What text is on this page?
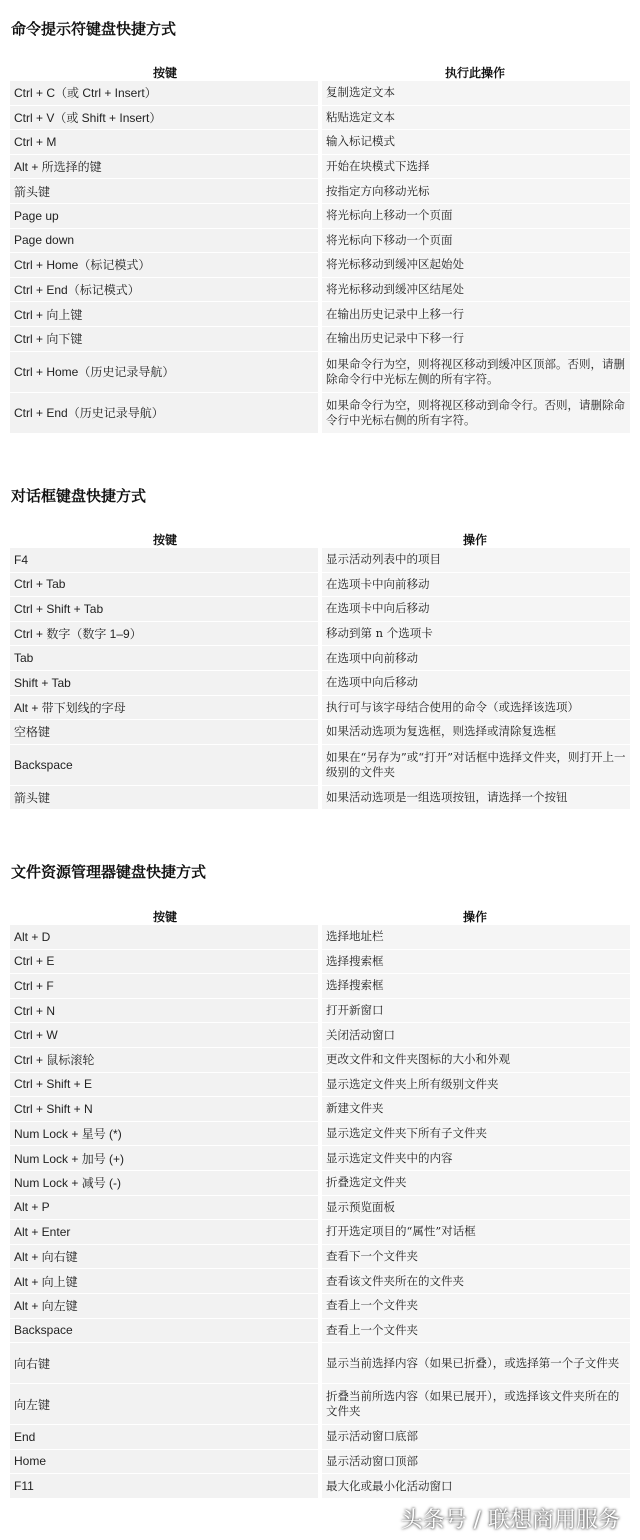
命令提示符键盘快捷方式
按键	执行此操作
Ctrl + C（或 Ctrl + Insert）	复制选定文本
Ctrl + V（或 Shift + Insert）	粘贴选定文本
Ctrl + M	输入标记模式
Alt + 所选择的键	开始在块模式下选择
箭头键	按指定方向移动光标
Page up	将光标向上移动一个页面
Page down	将光标向下移动一个页面
Ctrl + Home（标记模式）	将光标移动到缓冲区起始处
Ctrl + End（标记模式）	将光标移动到缓冲区结尾处
Ctrl + 向上键	在输出历史记录中上移一行
Ctrl + 向下键	在输出历史记录中下移一行
Ctrl + Home（历史记录导航）	如果命令行为空，则将视区移动到缓冲区顶部。否则，请删除命令行中光标左侧的所有字符。
Ctrl + End（历史记录导航）	如果命令行为空，则将视区移动到命令行。否则，请删除命令行中光标右侧的所有字符。
对话框键盘快捷方式
按键	操作
F4	显示活动列表中的项目
Ctrl + Tab	在选项卡中向前移动
Ctrl + Shift + Tab	在选项卡中向后移动
Ctrl + 数字（数字 1–9）	移动到第 n 个选项卡
Tab	在选项中向前移动
Shift + Tab	在选项中向后移动
Alt + 带下划线的字母	执行可与该字母结合使用的命令（或选择该选项）
空格键	如果活动选项为复选框，则选择或清除复选框
Backspace	如果在“另存为”或“打开”对话框中选择文件夹，则打开上一级别的文件夹
箭头键	如果活动选项是一组选项按钮，请选择一个按钮
文件资源管理器键盘快捷方式
按键	操作
Alt + D	选择地址栏
Ctrl + E	选择搜索框
Ctrl + F	选择搜索框
Ctrl + N	打开新窗口
Ctrl + W	关闭活动窗口
Ctrl + 鼠标滚轮	更改文件和文件夹图标的大小和外观
Ctrl + Shift + E	显示选定文件夹上所有级别文件夹
Ctrl + Shift + N	新建文件夹
Num Lock + 星号 (*)	显示选定文件夹下所有子文件夹
Num Lock + 加号 (+)	显示选定文件夹中的内容
Num Lock + 减号 (-)	折叠选定文件夹
Alt + P	显示预览面板
Alt + Enter	打开选定项目的“属性”对话框
Alt + 向右键	查看下一个文件夹
Alt + 向上键	查看该文件夹所在的文件夹
Alt + 向左键	查看上一个文件夹
Backspace	查看上一个文件夹
向右键	显示当前选择内容（如果已折叠），或选择第一个子文件夹
向左键	折叠当前所选内容（如果已展开），或选择该文件夹所在的文件夹
End	显示活动窗口底部
Home	显示活动窗口顶部
F11	最大化或最小化活动窗口
头条号 / 联想商用服务
